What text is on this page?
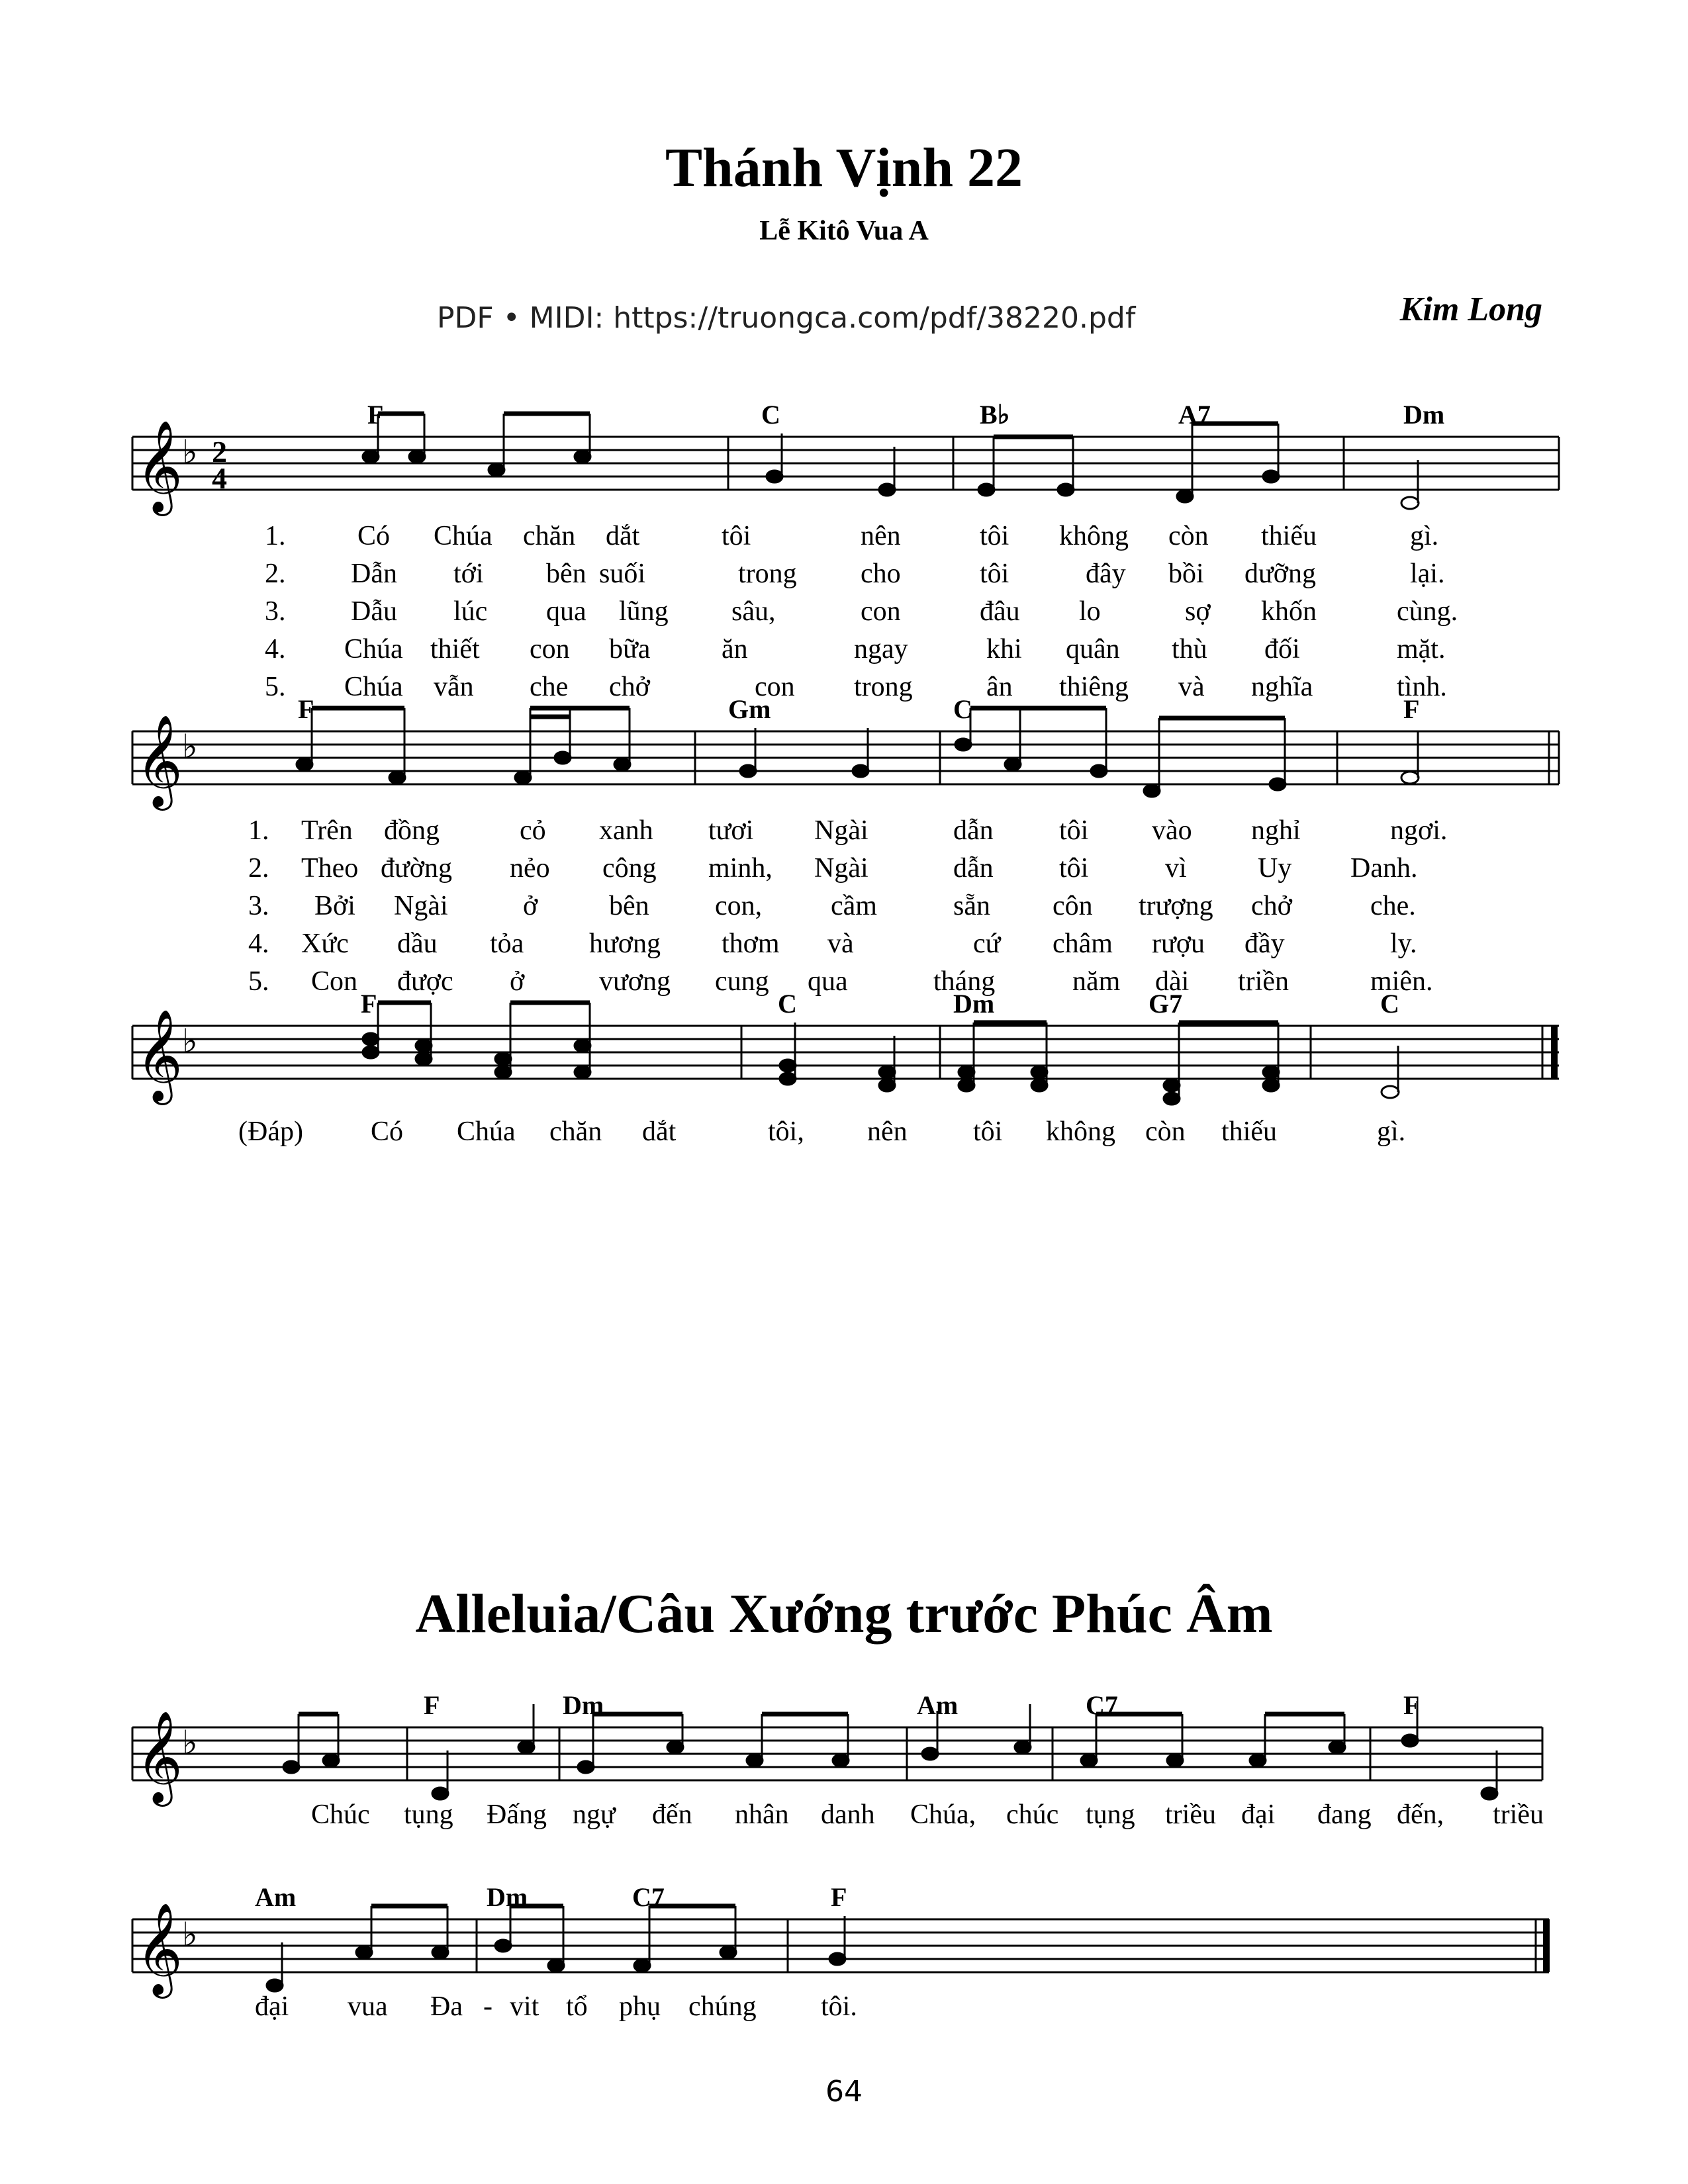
Thánh Vịnh 22
Lễ Kitô Vua A
PDF • MIDI: https://truongca.com/pdf/38220.pdf	Kim Long
𝄞 ♭ 2
4
F	C	B♭	A7	Dm
1.	Có Chúa chăn dắt	tôi	nên	tôi không còn thiếu	gì.
2. Dẫn tới bên suối	trong cho	tôi	đây bồi dưỡng	lại.
3. Dẫu lúc qua lũng sâu,	con	đâu lo	sợ khốn	cùng.
4. Chúa thiết con bữa	ăn	ngay	khi quân thù đối	mặt.
5. Chúa vẫn che chở	con trong	ân thiêng và nghĩa	tình.
𝄞 ♭
F	Gm	C	F
1. Trên đồng	cỏ xanh tươi Ngài	dẫn tôi vào nghỉ	ngơi.
2. Theo đường nẻo công minh, Ngài	dẫn tôi	vì	Uy Danh.
3. Bởi Ngài	ở	bên con, cầm	sẵn côn trượng chở	che.
4. Xức dầu tỏa hương thơm và	cứ châm rượu đầy	ly.
5. Con được ở	vương cung qua	tháng	năm dài triền	miên.
𝄞 ♭
F	C	Dm	G7	C
(Đáp) Có Chúa chăn dắt	tôi, nên tôi không còn thiếu	gì.
Alleluia/Câu Xướng trước Phúc Âm
𝄞 ♭
F	Dm	Am	C7	F
Chúc tụng Đấng ngự đến nhân danh Chúa, chúc tụng triều đại đang đến, triều
𝄞 ♭
Am	Dm	C7	F
đại vua Đa - vit tổ phụ chúng tôi.
64
